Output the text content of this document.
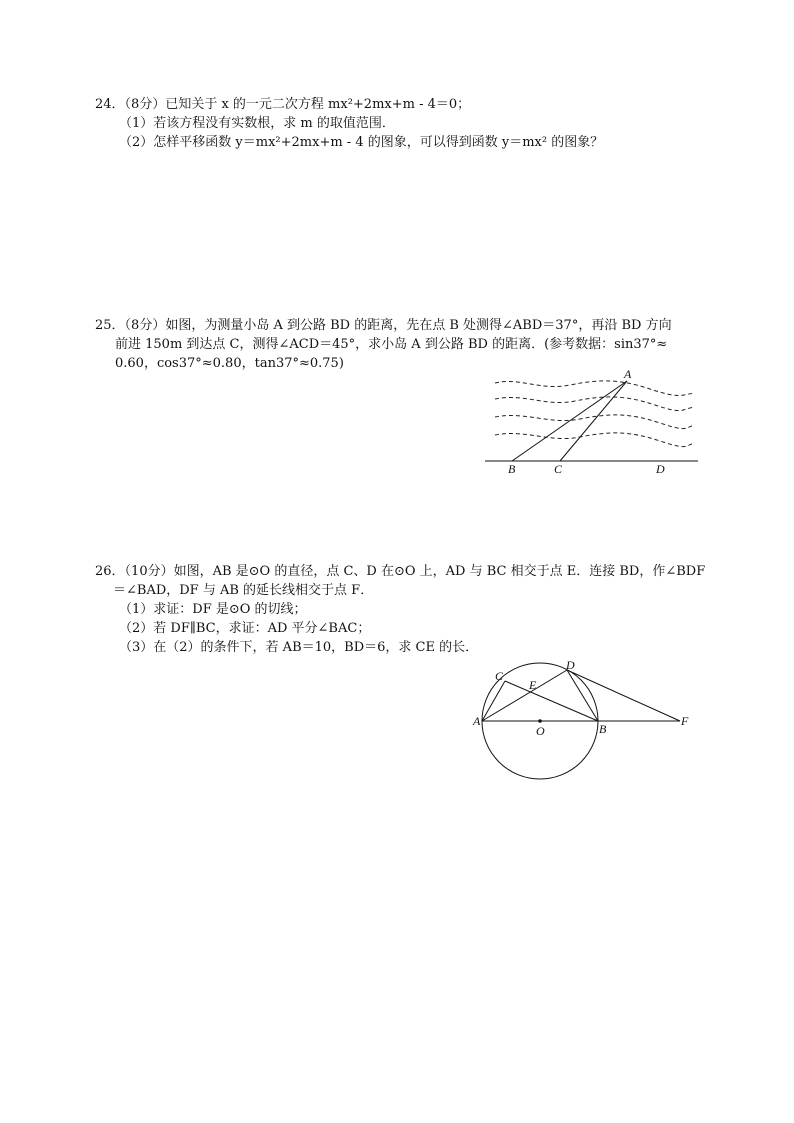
24．（8分）已知关于 x 的一元二次方程 mx²+2mx+m - 4＝0；
（1）若该方程没有实数根，求 m 的取值范围．
（2）怎样平移函数 y＝mx²+2mx+m - 4 的图象，可以得到函数 y＝mx² 的图象？
25．（8分）如图，为测量小岛 A 到公路 BD 的距离，先在点 B 处测得∠ABD＝37°，再沿 BD 方向
前进 150m 到达点 C，测得∠ACD＝45°，求小岛 A 到公路 BD 的距离．(参考数据：sin37°≈
0.60，cos37°≈0.80，tan37°≈0.75)
A
B	C	D
26．（10分）如图，AB 是⊙O 的直径，点 C、D 在⊙O 上，AD 与 BC 相交于点 E．连接 BD，作∠BDF
＝∠BAD，DF 与 AB 的延长线相交于点 F．
（1）求证：DF 是⊙O 的切线；
（2）若 DF∥BC，求证：AD 平分∠BAC；
（3）在（2）的条件下，若 AB＝10，BD＝6，求 CE 的长．
C
D
E
A
O	B
F
